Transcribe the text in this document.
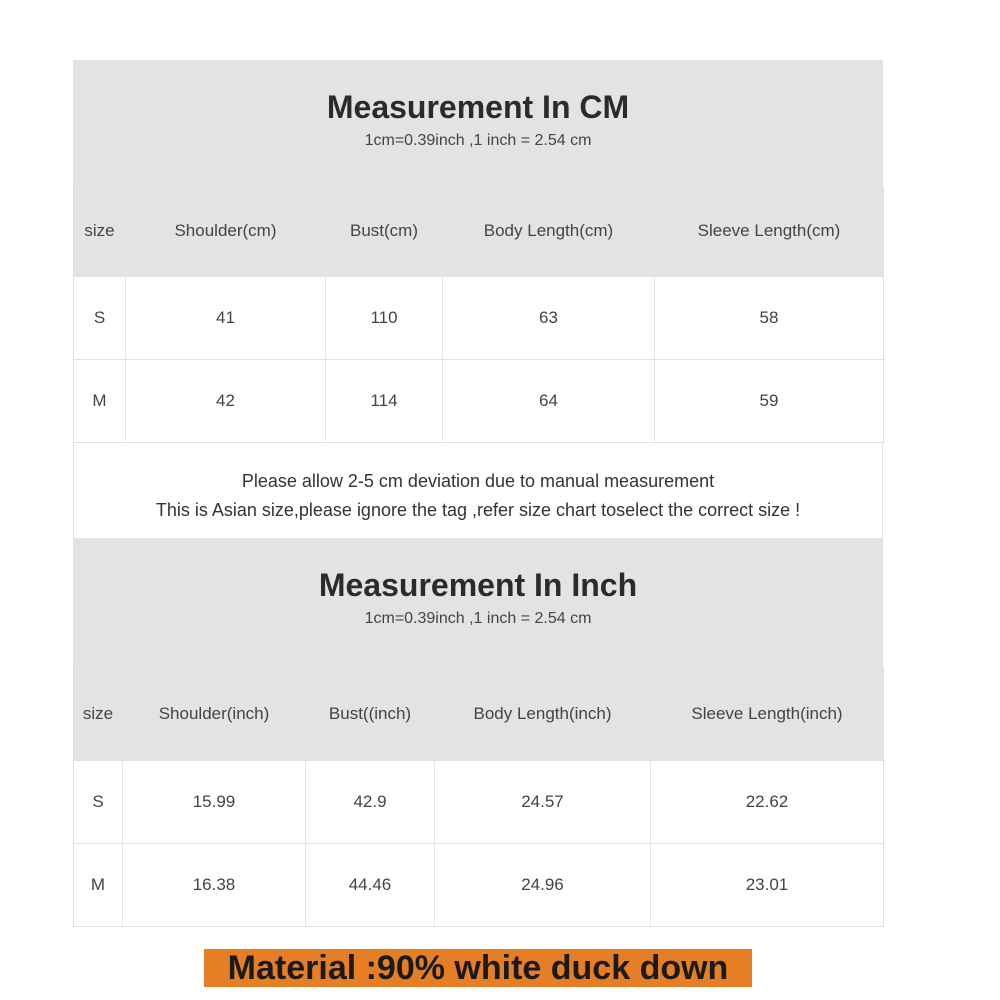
Measurement In CM
1cm=0.39inch ,1 inch = 2.54 cm
size	Shoulder(cm)	Bust(cm)	Body Length(cm)	Sleeve Length(cm)
S	41	110	63	58
M	42	114	64	59
Please allow 2-5 cm deviation due to manual measurement
This is Asian size,please ignore the tag ,refer size chart toselect the correct size !
Measurement In Inch
1cm=0.39inch ,1 inch = 2.54 cm
size	Shoulder(inch)	Bust((inch)	Body Length(inch)	Sleeve Length(inch)
S	15.99	42.9	24.57	22.62
M	16.38	44.46	24.96	23.01
Material :90% white duck down
